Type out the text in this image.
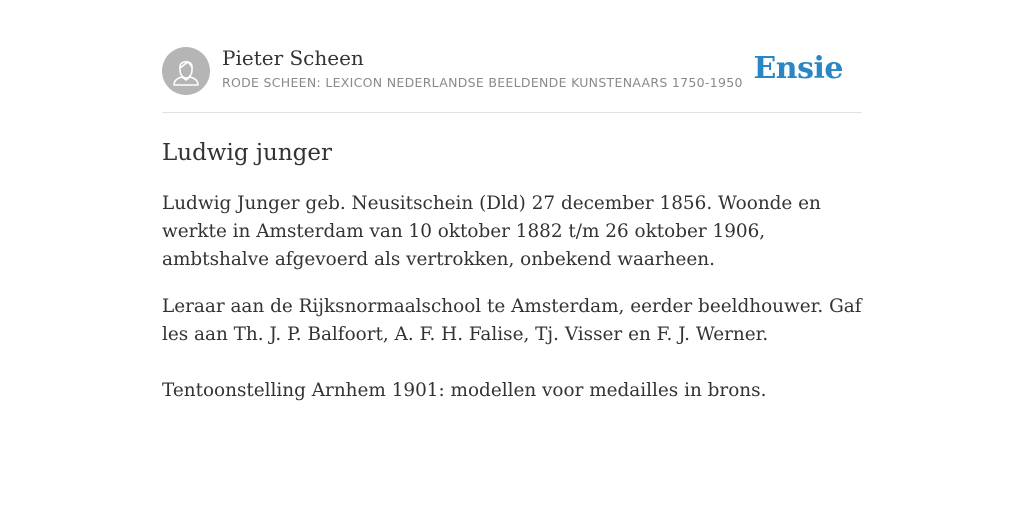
Pieter Scheen
RODE SCHEEN: LEXICON NEDERLANDSE BEELDENDE KUNSTENAARS 1750-1950 Ensie
Ludwig junger

Ludwig Junger geb. Neusitschein (Dld) 27 december 1856. Woonde en werkte in Amsterdam van 10 oktober 1882 t/m 26 oktober 1906, ambtshalve afgevoerd als vertrokken, onbekend waarheen.

Leraar aan de Rijksnormaalschool te Amsterdam, eerder beeldhouwer. Gaf les aan Th. J. P. Balfoort, A. F. H. Falise, Tj. Visser en F. J. Werner.

Tentoonstelling Arnhem 1901: modellen voor medailles in brons.
